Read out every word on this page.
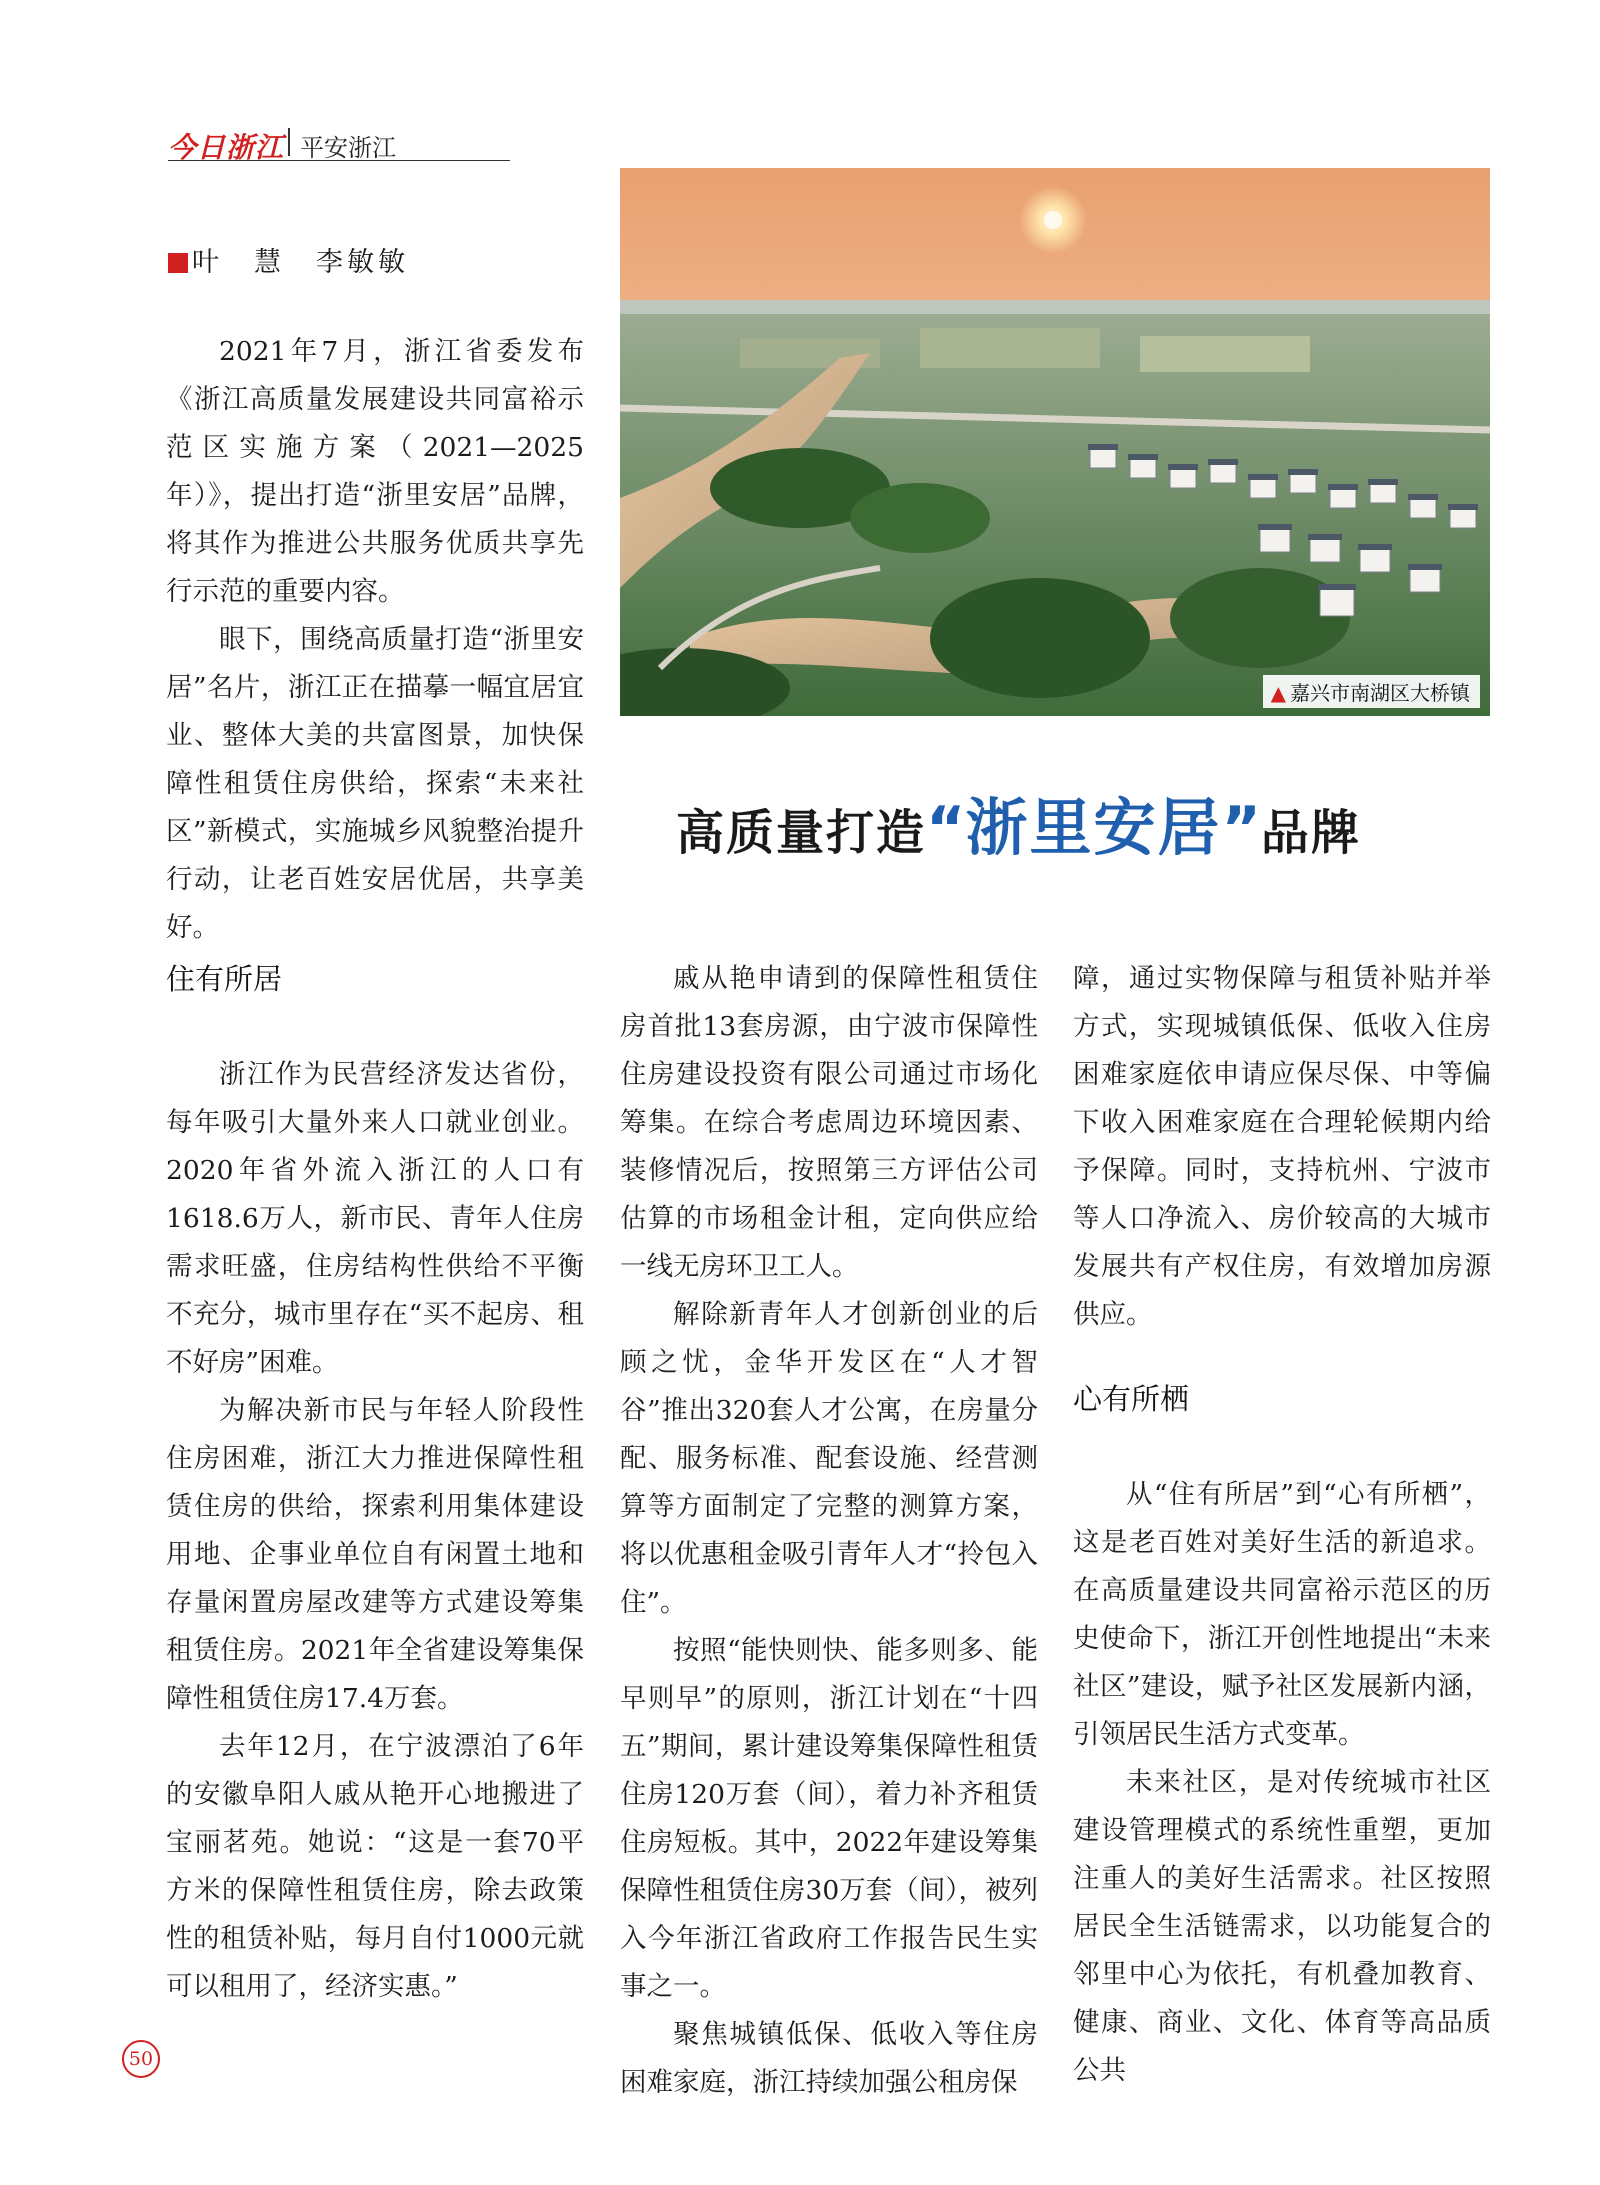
今日浙江 平安浙江
叶　慧　李敏敏

2021年7月，浙江省委发布《浙江高质量发展建设共同富裕示范区实施方案（2021—2025年）》，提出打造“浙里安居”品牌，将其作为推进公共服务优质共享先行示范的重要内容。

眼下，围绕高质量打造“浙里安居”名片，浙江正在描摹一幅宜居宜业、整体大美的共富图景，加快保障性租赁住房供给，探索“未来社区”新模式，实施城乡风貌整治提升行动，让老百姓安居优居，共享美好。

▲ 嘉兴市南湖区大桥镇
高质量打造“浙里安居”品牌
住有所居

浙江作为民营经济发达省份，每年吸引大量外来人口就业创业。2020年省外流入浙江的人口有1618.6万人，新市民、青年人住房需求旺盛，住房结构性供给不平衡不充分，城市里存在“买不起房、租不好房”困难。

为解决新市民与年轻人阶段性住房困难，浙江大力推进保障性租赁住房的供给，探索利用集体建设用地、企事业单位自有闲置土地和存量闲置房屋改建等方式建设筹集租赁住房。2021年全省建设筹集保障性租赁住房17.4万套。

去年12月，在宁波漂泊了6年的安徽阜阳人戚从艳开心地搬进了宝丽茗苑。她说：“这是一套70平方米的保障性租赁住房，除去政策性的租赁补贴，每月自付1000元就可以租用了，经济实惠。”

戚从艳申请到的保障性租赁住房首批13套房源，由宁波市保障性住房建设投资有限公司通过市场化筹集。在综合考虑周边环境因素、装修情况后，按照第三方评估公司估算的市场租金计租，定向供应给一线无房环卫工人。

解除新青年人才创新创业的后顾之忧，金华开发区在“人才智谷”推出320套人才公寓，在房量分配、服务标准、配套设施、经营测算等方面制定了完整的测算方案，将以优惠租金吸引青年人才“拎包入住”。

按照“能快则快、能多则多、能早则早”的原则，浙江计划在“十四五”期间，累计建设筹集保障性租赁住房120万套（间），着力补齐租赁住房短板。其中，2022年建设筹集保障性租赁住房30万套（间），被列入今年浙江省政府工作报告民生实事之一。

聚焦城镇低保、低收入等住房困难家庭，浙江持续加强公租房保

障，通过实物保障与租赁补贴并举方式，实现城镇低保、低收入住房困难家庭依申请应保尽保、中等偏下收入困难家庭在合理轮候期内给予保障。同时，支持杭州、宁波市等人口净流入、房价较高的大城市发展共有产权住房，有效增加房源供应。

心有所栖

从“住有所居”到“心有所栖”，这是老百姓对美好生活的新追求。在高质量建设共同富裕示范区的历史使命下，浙江开创性地提出“未来社区”建设，赋予社区发展新内涵，引领居民生活方式变革。

未来社区，是对传统城市社区建设管理模式的系统性重塑，更加注重人的美好生活需求。社区按照居民全生活链需求，以功能复合的邻里中心为依托，有机叠加教育、健康、商业、文化、体育等高品质公共

50
